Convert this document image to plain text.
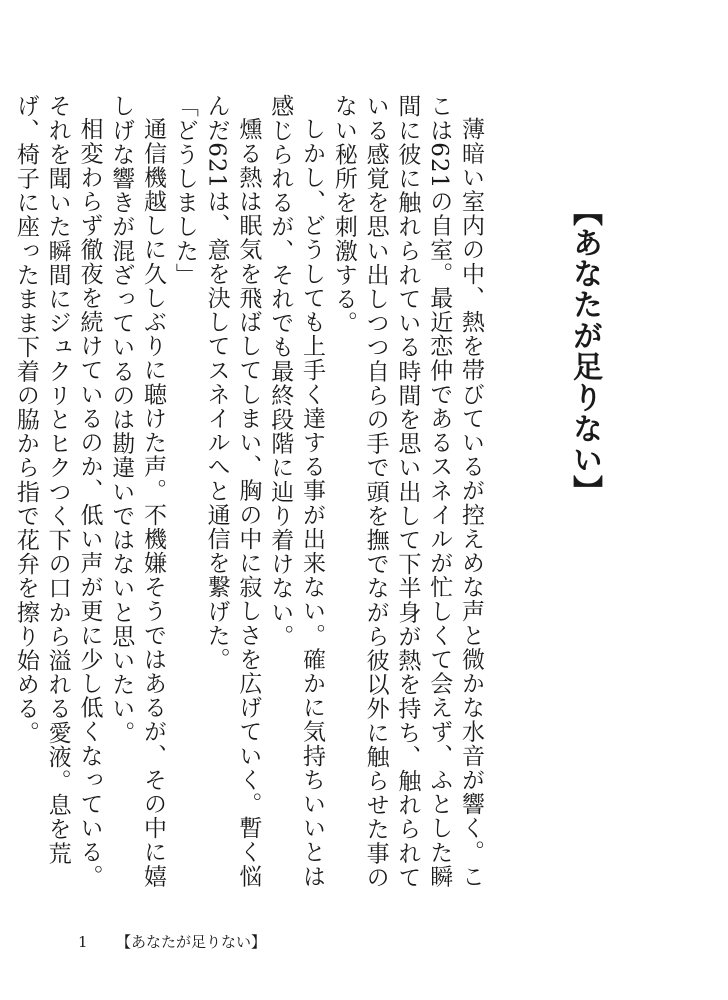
【あなたが足りない】

薄暗い室内の中、熱を帯びているが控えめな声と微かな水音が響く。ここは621の自室。最近恋仲であるスネイルが忙しくて会えず、ふとした瞬間に彼に触れられている時間を思い出して下半身が熱を持ち、触れられている感覚を思い出しつつ自らの手で頭を撫でながら彼以外に触らせた事のない秘所を刺激する。

しかし、どうしても上手く達する事が出来ない。確かに気持ちいいとは感じられるが、それでも最終段階に辿り着けない。

燻る熱は眠気を飛ばしてしまい、胸の中に寂しさを広げていく。暫く悩んだ621は、意を決してスネイルへと通信を繋げた。

「どうしました」

通信機越しに久しぶりに聴けた声。不機嫌そうではあるが、その中に嬉しげな響きが混ざっているのは勘違いではないと思いたい。

相変わらず徹夜を続けているのか、低い声が更に少し低くなっている。それを聞いた瞬間にジュクリとヒクつく下の口から溢れる愛液。息を荒げ、椅子に座ったまま下着の脇から指で花弁を擦り始める。

1 【あなたが足りない】
